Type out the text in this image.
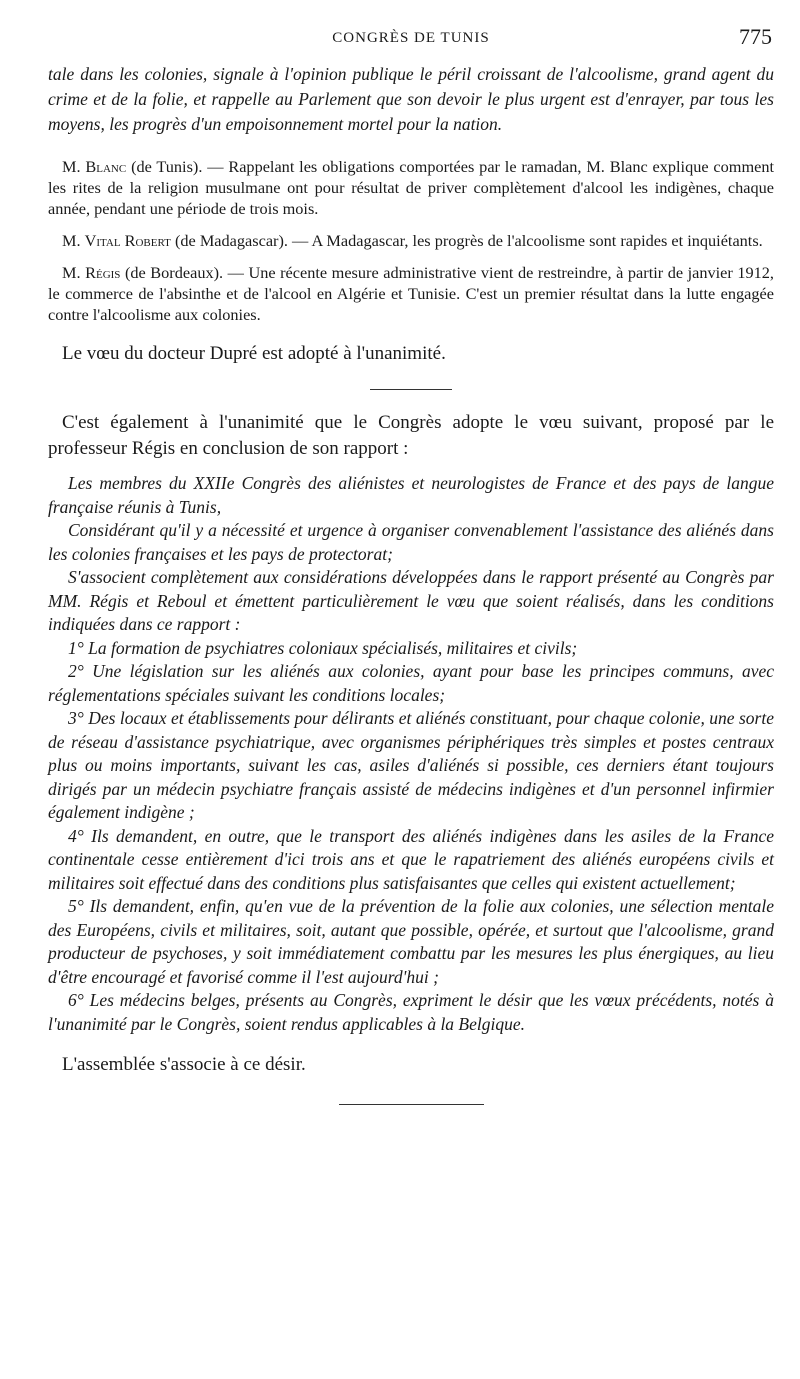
CONGRÈS DE TUNIS	775

tale dans les colonies, signale à l'opinion publique le péril croissant de l'alcoolisme, grand agent du crime et de la folie, et rappelle au Parlement que son devoir le plus urgent est d'enrayer, par tous les moyens, les progrès d'un empoisonnement mortel pour la nation.

M. Blanc (de Tunis). — Rappelant les obligations comportées par le ramadan, M. Blanc explique comment les rites de la religion musulmane ont pour résultat de priver complètement d'alcool les indigènes, chaque année, pendant une période de trois mois.

M. Vital Robert (de Madagascar). — A Madagascar, les progrès de l'alcoolisme sont rapides et inquiétants.

M. Régis (de Bordeaux). — Une récente mesure administrative vient de restreindre, à partir de janvier 1912, le commerce de l'absinthe et de l'alcool en Algérie et Tunisie. C'est un premier résultat dans la lutte engagée contre l'alcoolisme aux colonies.

Le vœu du docteur Dupré est adopté à l'unanimité.

C'est également à l'unanimité que le Congrès adopte le vœu suivant, proposé par le professeur Régis en conclusion de son rapport :

Les membres du XXIIe Congrès des aliénistes et neurologistes de France et des pays de langue française réunis à Tunis,

Considérant qu'il y a nécessité et urgence à organiser convenablement l'assistance des aliénés dans les colonies françaises et les pays de protectorat;

S'associent complètement aux considérations développées dans le rapport présenté au Congrès par MM. Régis et Reboul et émettent particulièrement le vœu que soient réalisés, dans les conditions indiquées dans ce rapport :

1° La formation de psychiatres coloniaux spécialisés, militaires et civils;

2° Une législation sur les aliénés aux colonies, ayant pour base les principes communs, avec réglementations spéciales suivant les conditions locales;

3° Des locaux et établissements pour délirants et aliénés constituant, pour chaque colonie, une sorte de réseau d'assistance psychiatrique, avec organismes périphériques très simples et postes centraux plus ou moins importants, suivant les cas, asiles d'aliénés si possible, ces derniers étant toujours dirigés par un médecin psychiatre français assisté de médecins indigènes et d'un personnel infirmier également indigène ;

4° Ils demandent, en outre, que le transport des aliénés indigènes dans les asiles de la France continentale cesse entièrement d'ici trois ans et que le rapatriement des aliénés européens civils et militaires soit effectué dans des conditions plus satisfaisantes que celles qui existent actuellement;

5° Ils demandent, enfin, qu'en vue de la prévention de la folie aux colonies, une sélection mentale des Européens, civils et militaires, soit, autant que possible, opérée, et surtout que l'alcoolisme, grand producteur de psychoses, y soit immédiatement combattu par les mesures les plus énergiques, au lieu d'être encouragé et favorisé comme il l'est aujourd'hui ;

6° Les médecins belges, présents au Congrès, expriment le désir que les vœux précédents, notés à l'unanimité par le Congrès, soient rendus applicables à la Belgique.

L'assemblée s'associe à ce désir.
